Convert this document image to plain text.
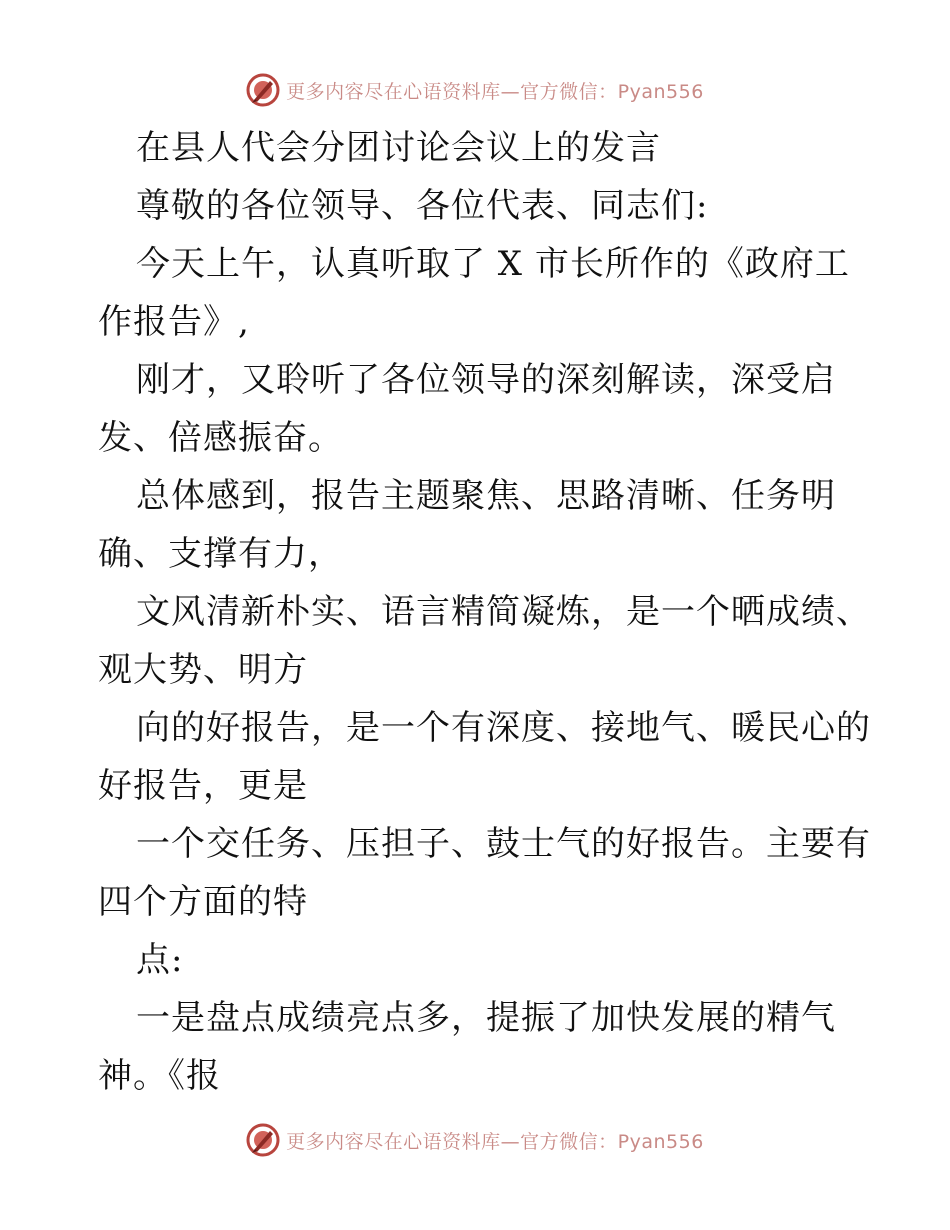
更多内容尽在心语资料库—官方微信：Pyan556
在县人代会分团讨论会议上的发言
尊敬的各位领导、各位代表、同志们:
今天上午，认真听取了 X 市长所作的《政府工
作报告》,
刚才，又聆听了各位领导的深刻解读，深受启
发、倍感振奋。
总体感到，报告主题聚焦、思路清晰、任务明
确、支撑有力，
文风清新朴实、语言精简凝炼，是一个晒成绩、
观大势、明方
向的好报告，是一个有深度、接地气、暖民心的
好报告，更是
一个交任务、压担子、鼓士气的好报告。主要有
四个方面的特
点:
一是盘点成绩亮点多，提振了加快发展的精气
神。《报
更多内容尽在心语资料库—官方微信：Pyan556
